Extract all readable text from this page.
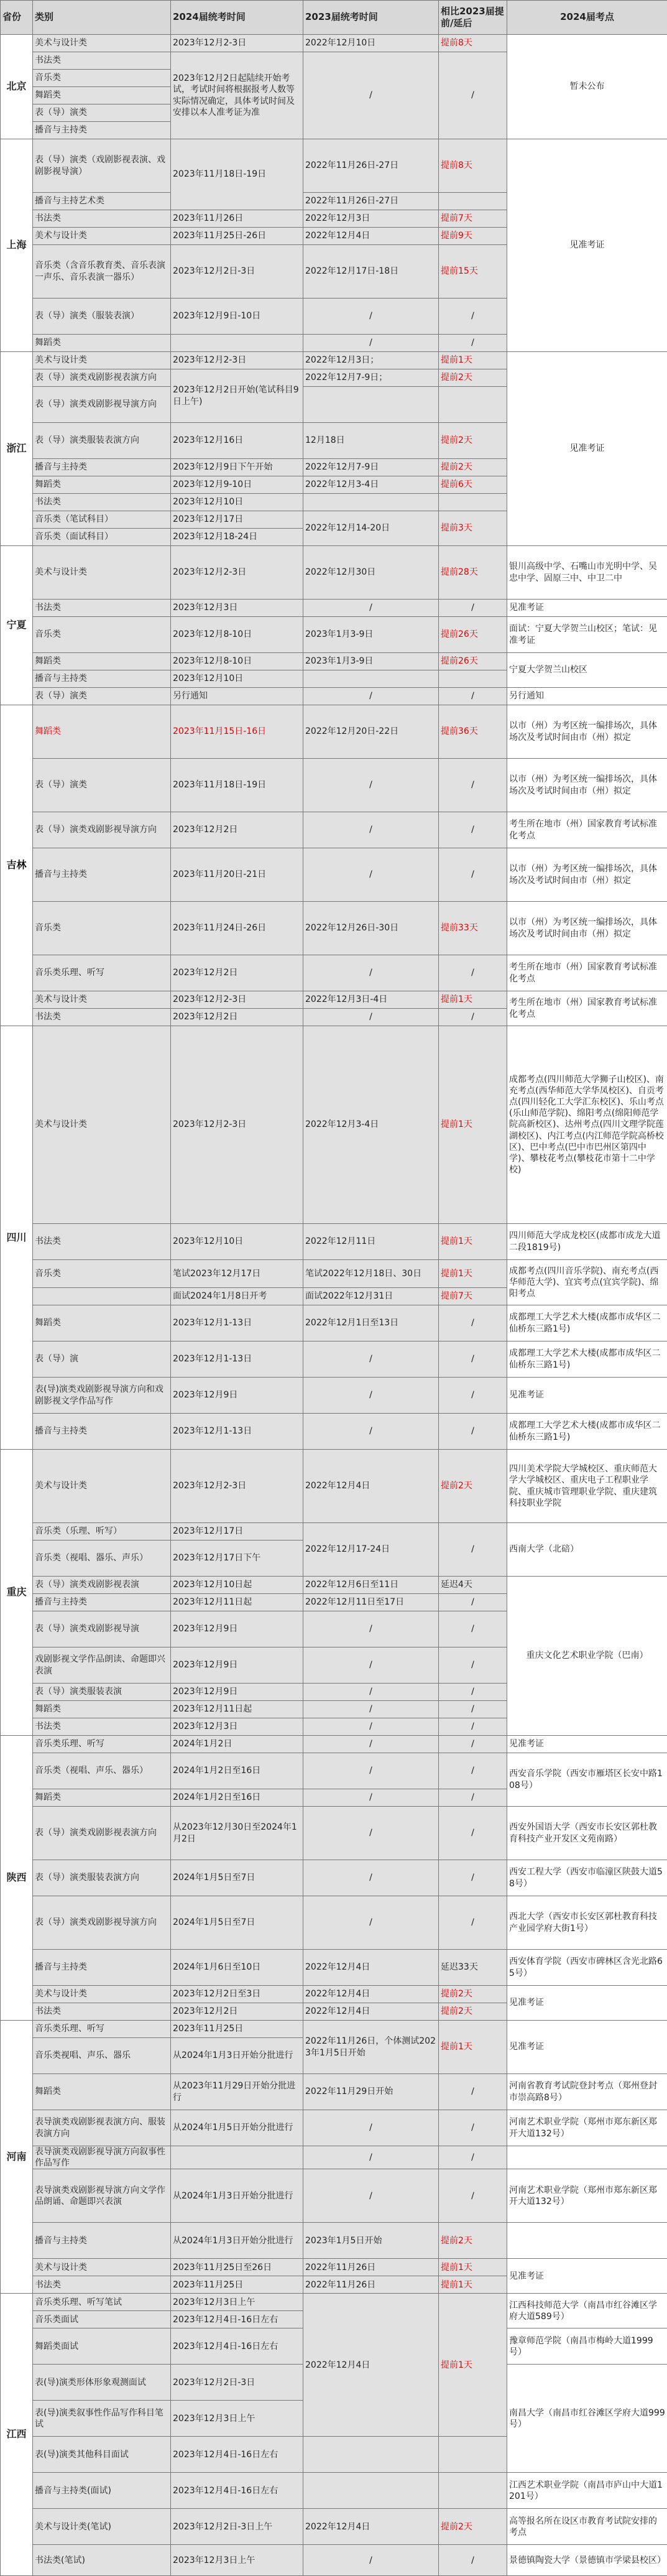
省份	类别	2024届统考时间	2023届统考时间	相比2023届提前/延后	2024届考点
北京	美术与设计类	2023年12月2-3日	2022年12月10日	提前8天	暂未公布
	书法类	2023年12月2日起陆续开始考试，考试时间将根据报考人数等实际情况确定，具体考试时间及安排以本人准考证为准	/	/	
	音乐类				
	舞蹈类				
	表（导）演类				
	播音与主持类				
上海	表（导）演类（戏剧影视表演、戏剧影视导演）	2023年11月18日-19日	2022年11月26日-27日	提前8天	见准考证
	播音与主持艺术类		2022年11月26日-27日		
	书法类	2023年11月26日	2022年12月3日	提前7天	
	美术与设计类	2023年11月25日-26日	2022年12月4日	提前9天	
	音乐类（含音乐教育类、音乐表演一声乐、音乐表演一器乐）	2023年12月2日-3日	2022年12月17日-18日	提前15天	
	表（导）演类（服装表演）	2023年12月9日-10日	/	/	
	舞蹈类		/	/	
浙江	美术与设计类	2023年12月2-3日	2022年12月3日；	提前1天	见准考证
	表（导）演类戏剧影视表演方向	2023年12月2日开始(笔试科目9日上午)	2022年12月7-9日；	提前2天	
	表（导）演类戏剧影视导演方向				
	表（导）演类服装表演方向	2023年12月16日	12月18日	提前2天	
	播音与主持类	2023年12月9日下午开始	2022年12月7-9日	提前2天	
	舞蹈类	2023年12月9-10日	2022年12月3-4日	提前6天	
	书法类	2023年12月10日			
	音乐类（笔试科目）	2023年12月17日	2022年12月14-20日	提前3天	
	音乐类（面试科目）	2023年12月18-24日			
宁夏	美术与设计类	2023年12月2-3日	2022年12月30日	提前28天	银川高级中学、石嘴山市光明中学、吴忠中学、固原三中、中卫二中
	书法类	2023年12月3日	/	/	见准考证
	音乐类	2023年12月8-10日	2023年1月3-9日	提前26天	面试：宁夏大学贺兰山校区；笔试：见准考证
	舞蹈类	2023年12月8-10日	2023年1月3-9日	提前26天	宁夏大学贺兰山校区
	播音与主持类	2023年12月10日			
	表（导）演类	另行通知	/	/	另行通知
吉林	舞蹈类	2023年11月15日-16日	2022年12月20日-22日	提前36天	以市（州）为考区统一编排场次，具体场次及考试时间由市（州）拟定
	表（导）演类	2023年11月18日-19日	/	/	以市（州）为考区统一编排场次，具体场次及考试时间由市（州）拟定
	表（导）演类戏剧影视导演方向	2023年12月2日	/	/	考生所在地市（州）国家教育考试标准化考点
	播音与主持类	2023年11月20日-21日	/	/	以市（州）为考区统一编排场次，具体场次及考试时间由市（州）拟定
	音乐类	2023年11月24日-26日	2022年12月26日-30日	提前33天	以市（州）为考区统一编排场次，具体场次及考试时间由市（州）拟定
	音乐类乐理、听写	2023年12月2日	/	/	考生所在地市（州）国家教育考试标准化考点
	美术与设计类	2023年12月2-3日	2022年12月3日-4日	提前1天	考生所在地市（州）国家教育考试标准化考点
	书法类	2023年12月2日	/	/	
四川	美术与设计类	2023年12月2-3日	2022年12月3-4日	提前1天	成都考点(四川师范大学狮子山校区)、南充考点(西华师范大学华凤校区)、自贡考点(四川轻化工大学汇东校区)、乐山考点(乐山师范学院)、绵阳考点(绵阳师范学院高新校区)、达州考点(四川文理学院莲湖校区)、内江考点(内江师范学院高桥校区)、巴中考点(巴中市巴州区第四中学)、攀枝花考点(攀枝花市第十二中学校)
	书法类	2023年12月10日	2022年12月11日	提前1天	四川师范大学成龙校区(成都市成龙大道二段1819号)
	音乐类	笔试2023年12月17日	笔试2022年12月18日、30日	提前1天	成都考点(四川音乐学院)、南充考点(西华师范大学)、宜宾考点(宜宾学院)、绵阳考点
		面试2024年1月8日开考	面试2022年12月31日	提前7天	
	舞蹈类	2023年12月1-13日	2022年12月1日至13日	/	成都理工大学艺术大楼(成都市成华区二仙桥东三路1号)
	表（导）演	2023年12月1-13日	/	/	成都理工大学艺术大楼(成都市成华区二仙桥东三路1号)
	表(导)演类戏剧影视导演方向和戏剧影视文学作品写作	2023年12月9日	/	/	见准考证
	播音与主持类	2023年12月1-13日	/	/	成都理工大学艺术大楼(成都市成华区二仙桥东三路1号)
重庆	美术与设计类	2023年12月2-3日	2022年12月4日	提前2天	四川美术学院大学城校区、重庆师范大学大学城校区、重庆电子工程职业学院、重庆城市管理职业学院、重庆建筑科技职业学院
	音乐类（乐理、听写）	2023年12月17日	2022年12月17-24日	/	西南大学（北碚）
	音乐类（视唱、器乐、声乐）	2023年12月17日下午			
	表（导）演类戏剧影视表演	2023年12月10日起	2022年12月6日至11日	延迟4天	重庆文化艺术职业学院（巴南）
	播音与主持类	2023年12月11日起	2022年12月11日至17日	/	
	表（导）演类戏剧影视导演	2023年12月9日	/	/	
	戏剧影视文学作品朗读、命题即兴表演	2023年12月9日	/	/	
	表（导）演类服装表演	2023年12月9日	/	/	
	舞蹈类	2023年12月11日起	/	/	
	书法类	2023年12月3日	/	/	
陕西	音乐类乐理、听写	2024年1月2日	/	/	见准考证
	音乐类（视唱、声乐、器乐）	2024年1月2日至16日	/	/	西安音乐学院（西安市雁塔区长安中路108号）
	舞蹈类	2024年1月2日至16日	/	/	
	表（导）演类戏剧影视表演方向	从2023年12月30日至2024年1月2日	/	/	西安外国语大学（西安市长安区郭杜教育科技产业开发区文苑南路）
	表（导）演类服装表演方向	2024年1月5日至7日	/	/	西安工程大学（西安市临潼区陕鼓大道58号）
	表（导）演类戏剧影视导演方向	2024年1月5日至7日	/	/	西北大学（西安市长安区郭杜教育科技产业园学府大街1号）
	播音与主持类	2024年1月6日至10日	2022年12月4日	延迟33天	西安体育学院（西安市碑林区含光北路65号）
	美术与设计类	2023年12月2日至3日	2022年12月4日	提前2天	见准考证
	书法类	2023年12月2日	2022年12月4日	提前2天	
河南	音乐类乐理、听写	2023年11月25日	2022年11月26日，个体测试2023年1月5日开始	提前1天	见准考证
	音乐类视唱、声乐、器乐	从2024年1月3日开始分批进行			
	舞蹈类	从2023年11月29日开始分批进行	2022年11月29日开始	/	河南省教育考试院登封考点（郑州登封市崇高路8号）
	表导演类戏剧影视表演方向、服装表演方向	从2024年1月5日开始分批进行	/	/	河南艺术职业学院（郑州市郑东新区郑开大道132号）
	表导演类戏剧影视导演方向叙事性作品写作		/	/	
	表导演类戏剧影视导演方向文学作品朗诵、命题即兴表演	从2024年1月3日开始分批进行	/	/	河南艺术职业学院（郑州市郑东新区郑开大道132号）
	播音与主持类	从2024年1月3日开始分批进行	2023年1月5日开始	提前2天	
	美术与设计类	2023年11月25日至26日	2022年11月26日	提前1天	见准考证
	书法类	2023年11月25日	2022年11月26日	提前1天	
江西	音乐类乐理、听写笔试	2023年12月3日上午	2022年12月4日	提前1天	江西科技师范大学（南昌市红谷滩区学府大道589号）
	音乐类面试	2023年12月4日-16日左右			
	舞蹈类面试	2023年12月4日-16日左右			豫章师范学院（南昌市梅岭大道1999号）
	表(导)演类形体形象观测面试	2023年12月2日-3日			南昌大学（南昌市红谷滩区学府大道999号）
	表(导)演类叙事性作品写作科目笔试	2023年12月3日上午			
	表(导)演类其他科目面试	2023年12月4日-16日左右			
	播音与主持类(面试)	2023年12月4日-16日左右			江西艺术职业学院（南昌市庐山中大道1201号）
	美术与设计类(笔试)	2023年12月2日-3日上午	2022年12月4日	提前2天	高等报名所在设区市教育考试院安排的考点
	书法类(笔试)	2023年12月3日上午	/	/	景德镇陶瓷大学（景德镇市学梁县校区）
